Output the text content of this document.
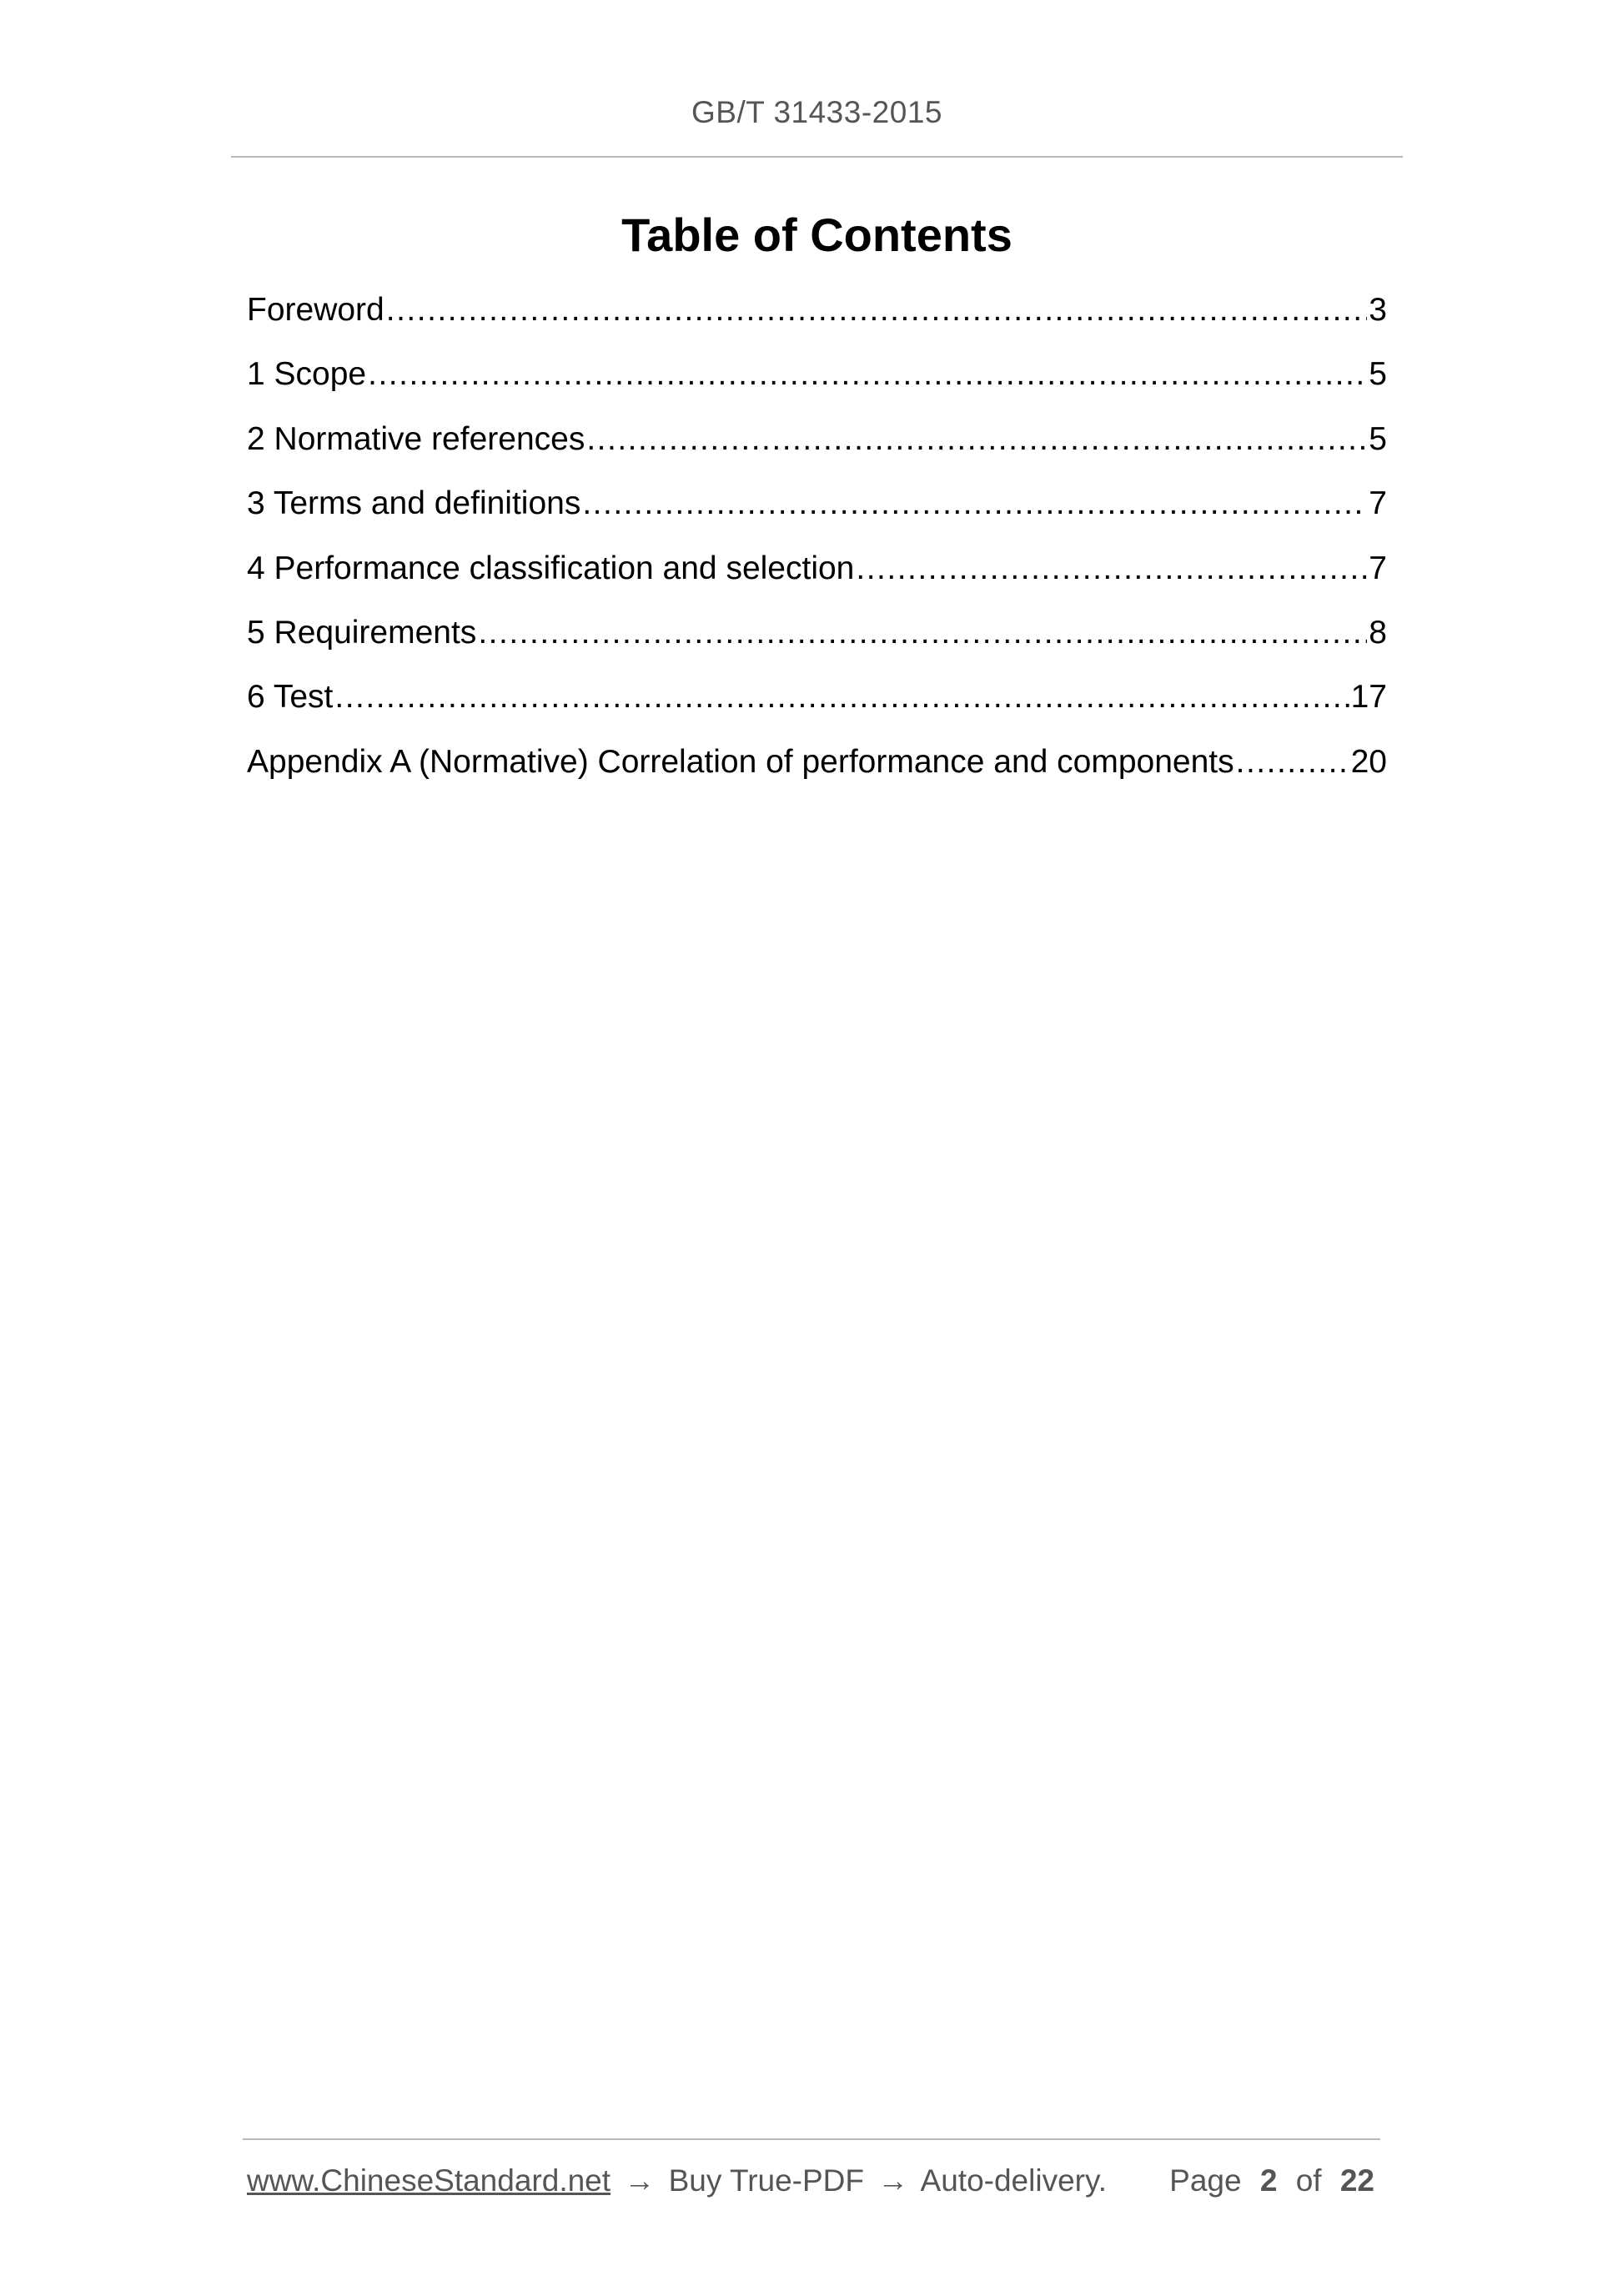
GB/T 31433-2015
Table of Contents
Foreword .....	3
1 Scope .....	5
2 Normative references .....	5
3 Terms and definitions .....	7
4 Performance classification and selection .....	7
5 Requirements .....	8
6 Test .....	17
Appendix A (Normative) Correlation of performance and components .....	20
www.ChineseStandard.net → Buy True-PDF → Auto-delivery. Page 2 of 22
